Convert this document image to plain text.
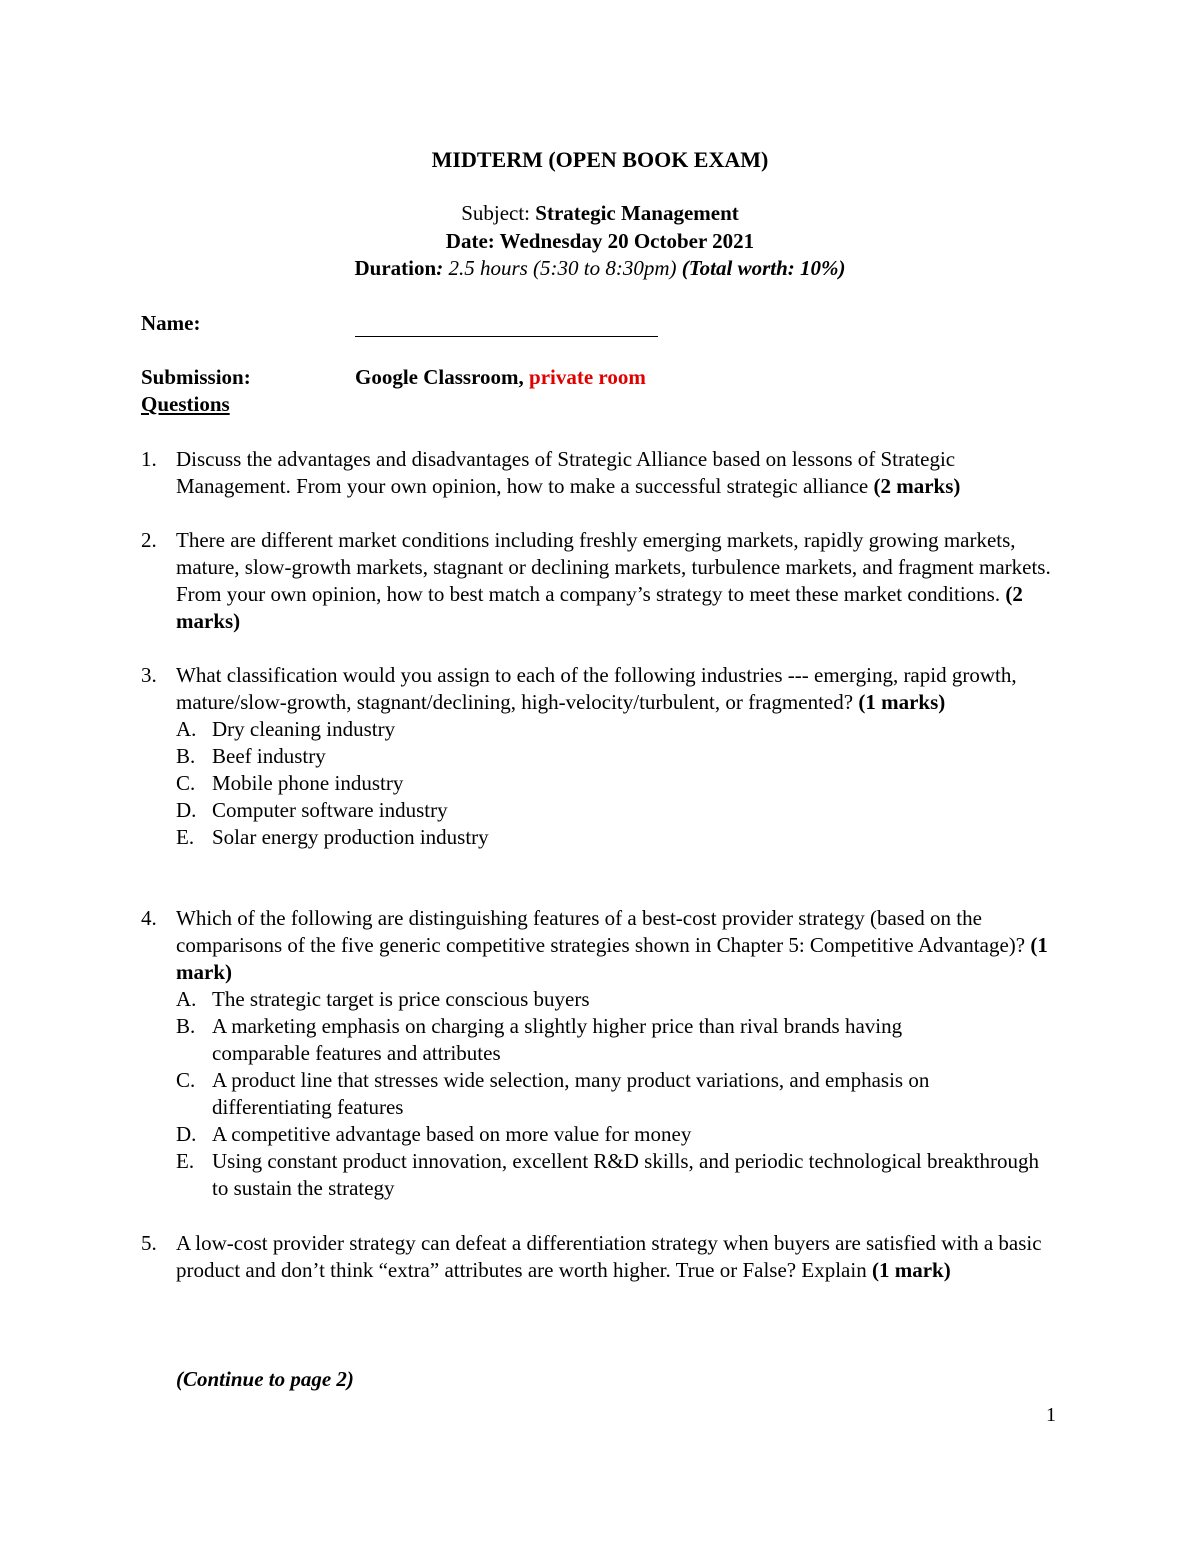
MIDTERM (OPEN BOOK EXAM)
Subject: Strategic Management
Date: Wednesday 20 October 2021
Duration: 2.5 hours (5:30 to 8:30pm) (Total worth: 10%)
Name:
Submission:	Google Classroom, private room
Questions
1. Discuss the advantages and disadvantages of Strategic Alliance based on lessons of Strategic Management. From your own opinion, how to make a successful strategic alliance (2 marks)
2. There are different market conditions including freshly emerging markets, rapidly growing markets, mature, slow-growth markets, stagnant or declining markets, turbulence markets, and fragment markets. From your own opinion, how to best match a company’s strategy to meet these market conditions. (2 marks)
3. What classification would you assign to each of the following industries --- emerging, rapid growth, mature/slow-growth, stagnant/declining, high-velocity/turbulent, or fragmented? (1 marks)
A. Dry cleaning industry
B. Beef industry
C. Mobile phone industry
D. Computer software industry
E. Solar energy production industry
4. Which of the following are distinguishing features of a best-cost provider strategy (based on the comparisons of the five generic competitive strategies shown in Chapter 5: Competitive Advantage)? (1 mark)
A. The strategic target is price conscious buyers
B. A marketing emphasis on charging a slightly higher price than rival brands having comparable features and attributes
C. A product line that stresses wide selection, many product variations, and emphasis on differentiating features
D. A competitive advantage based on more value for money
E. Using constant product innovation, excellent R&D skills, and periodic technological breakthrough to sustain the strategy
5. A low-cost provider strategy can defeat a differentiation strategy when buyers are satisfied with a basic product and don’t think “extra” attributes are worth higher. True or False? Explain (1 mark)
(Continue to page 2)
1
